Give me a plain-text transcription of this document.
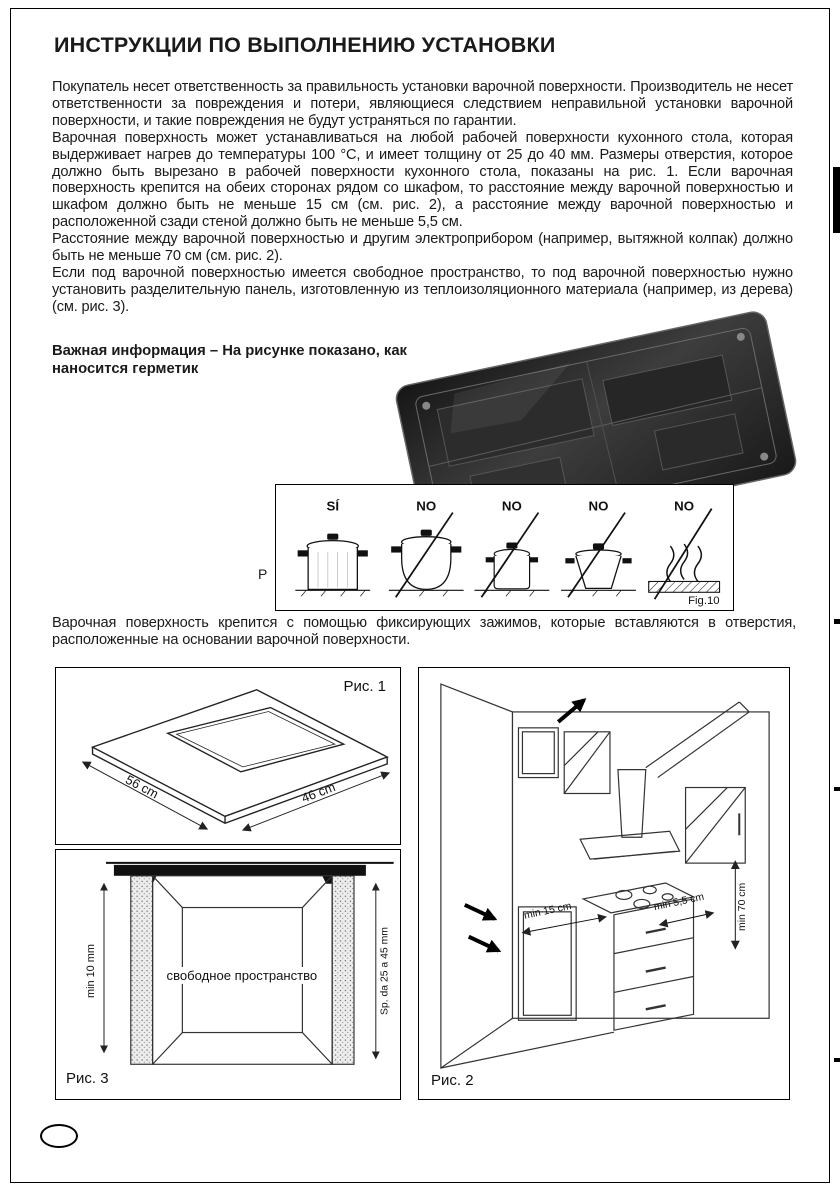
ИНСТРУКЦИИ ПО ВЫПОЛНЕНИЮ УСТАНОВКИ

Покупатель несет ответственность за правильность установки варочной поверхности. Производитель не несет ответственности за повреждения и потери, являющиеся следствием неправильной установки варочной поверхности, и такие повреждения не будут устраняться по гарантии.

Варочная поверхность может устанавливаться на любой рабочей поверхности кухонного стола, которая выдерживает нагрев до температуры 100 °C, и имеет толщину от 25 до 40 мм. Размеры отверстия, которое должно быть вырезано в рабочей поверхности кухонного стола, показаны на рис. 1. Если варочная поверхность крепится на обеих сторонах рядом со шкафом, то расстояние между варочной поверхностью и шкафом должно быть не меньше 15 см (см. рис. 2), а расстояние между варочной поверхностью и расположенной сзади стеной должно быть не меньше 5,5 см.

Расстояние между варочной поверхностью и другим электроприбором (например, вытяжной колпак) должно быть не меньше 70 см (см. рис. 2).

Если под варочной поверхностью имеется свободное пространство, то под варочной поверхностью нужно установить разделительную панель, изготовленную из теплоизоляционного материала (например, из дерева) (см. рис. 3).

Важная информация – На рисунке показано, как наносится герметик
Р
SÍ	NO	NO	NO	NO
Fig.10

Варочная поверхность крепится с помощью фиксирующих зажимов, которые вставляются в отверстия, расположенные на основании варочной поверхности.

56 cm	46 cm
Рис. 1
min 10 mm	Sp. da 25 a 45 mm
свободное пространство
Рис. 3
min 15 cm	min 5,5 cm	min 70 cm
Рис. 2
